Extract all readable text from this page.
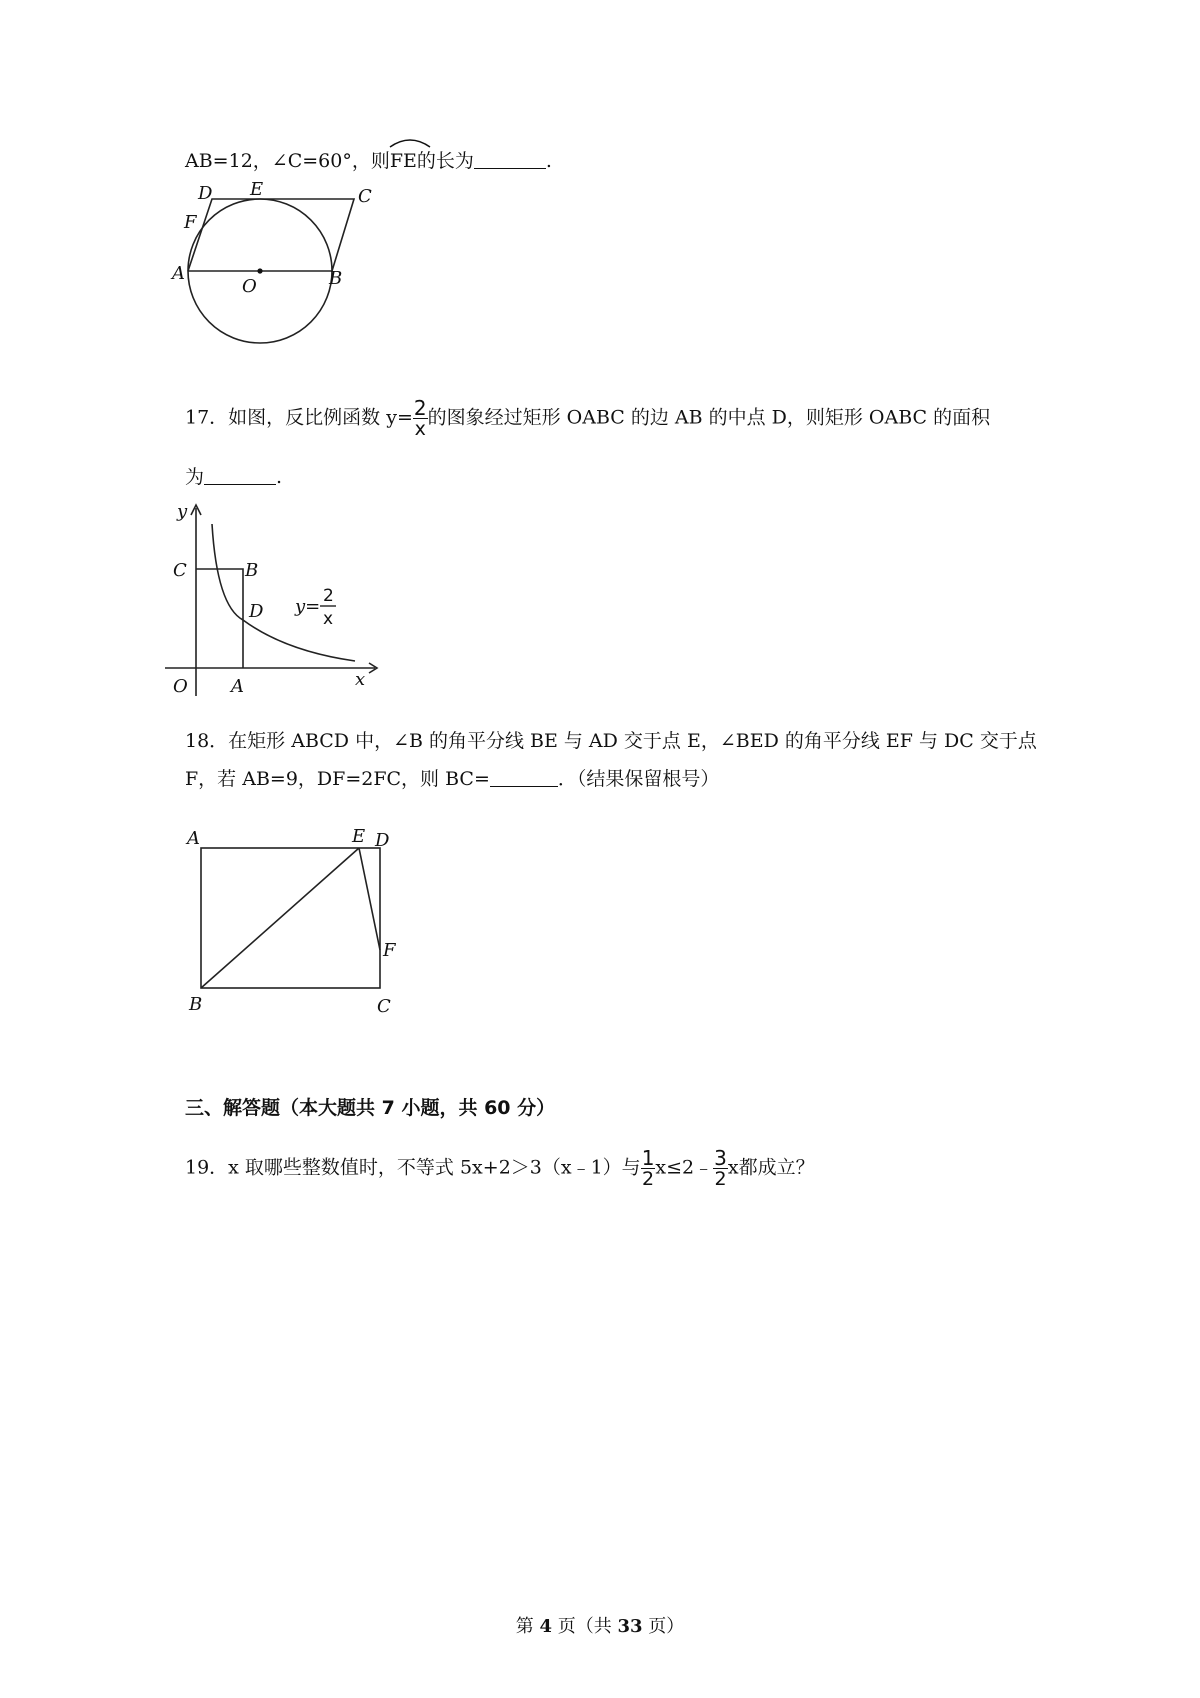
AB=12，∠C=60°，则
FE的长为	.
D E	C
F
A
O	B
17．如图，反比例函数 $y= \frac{2}{x}$ 的图象经过矩形 OABC 的边 AB 的中点 D，则矩形 OABC 的面积
为	.
y
x
C	B
D
O A
y= 2
x
18．在矩形 ABCD 中，∠B 的角平分线 BE 与 AD 交于点 E，∠BED 的角平分线 EF 与 DC 交于点
F，若 AB=9，DF=2FC，则 BC=	．（结果保留根号）
A	E D
F
B	C
三、解答题（本大题共 7 小题，共 60 分）
19．x 取哪些整数值时，不等式 5x+2＞3（x﹣1）与 $\frac{1}{2}$ x≤2﹣ $\frac{3}{2}$ x都成立？
第 4 页（共 33 页）
